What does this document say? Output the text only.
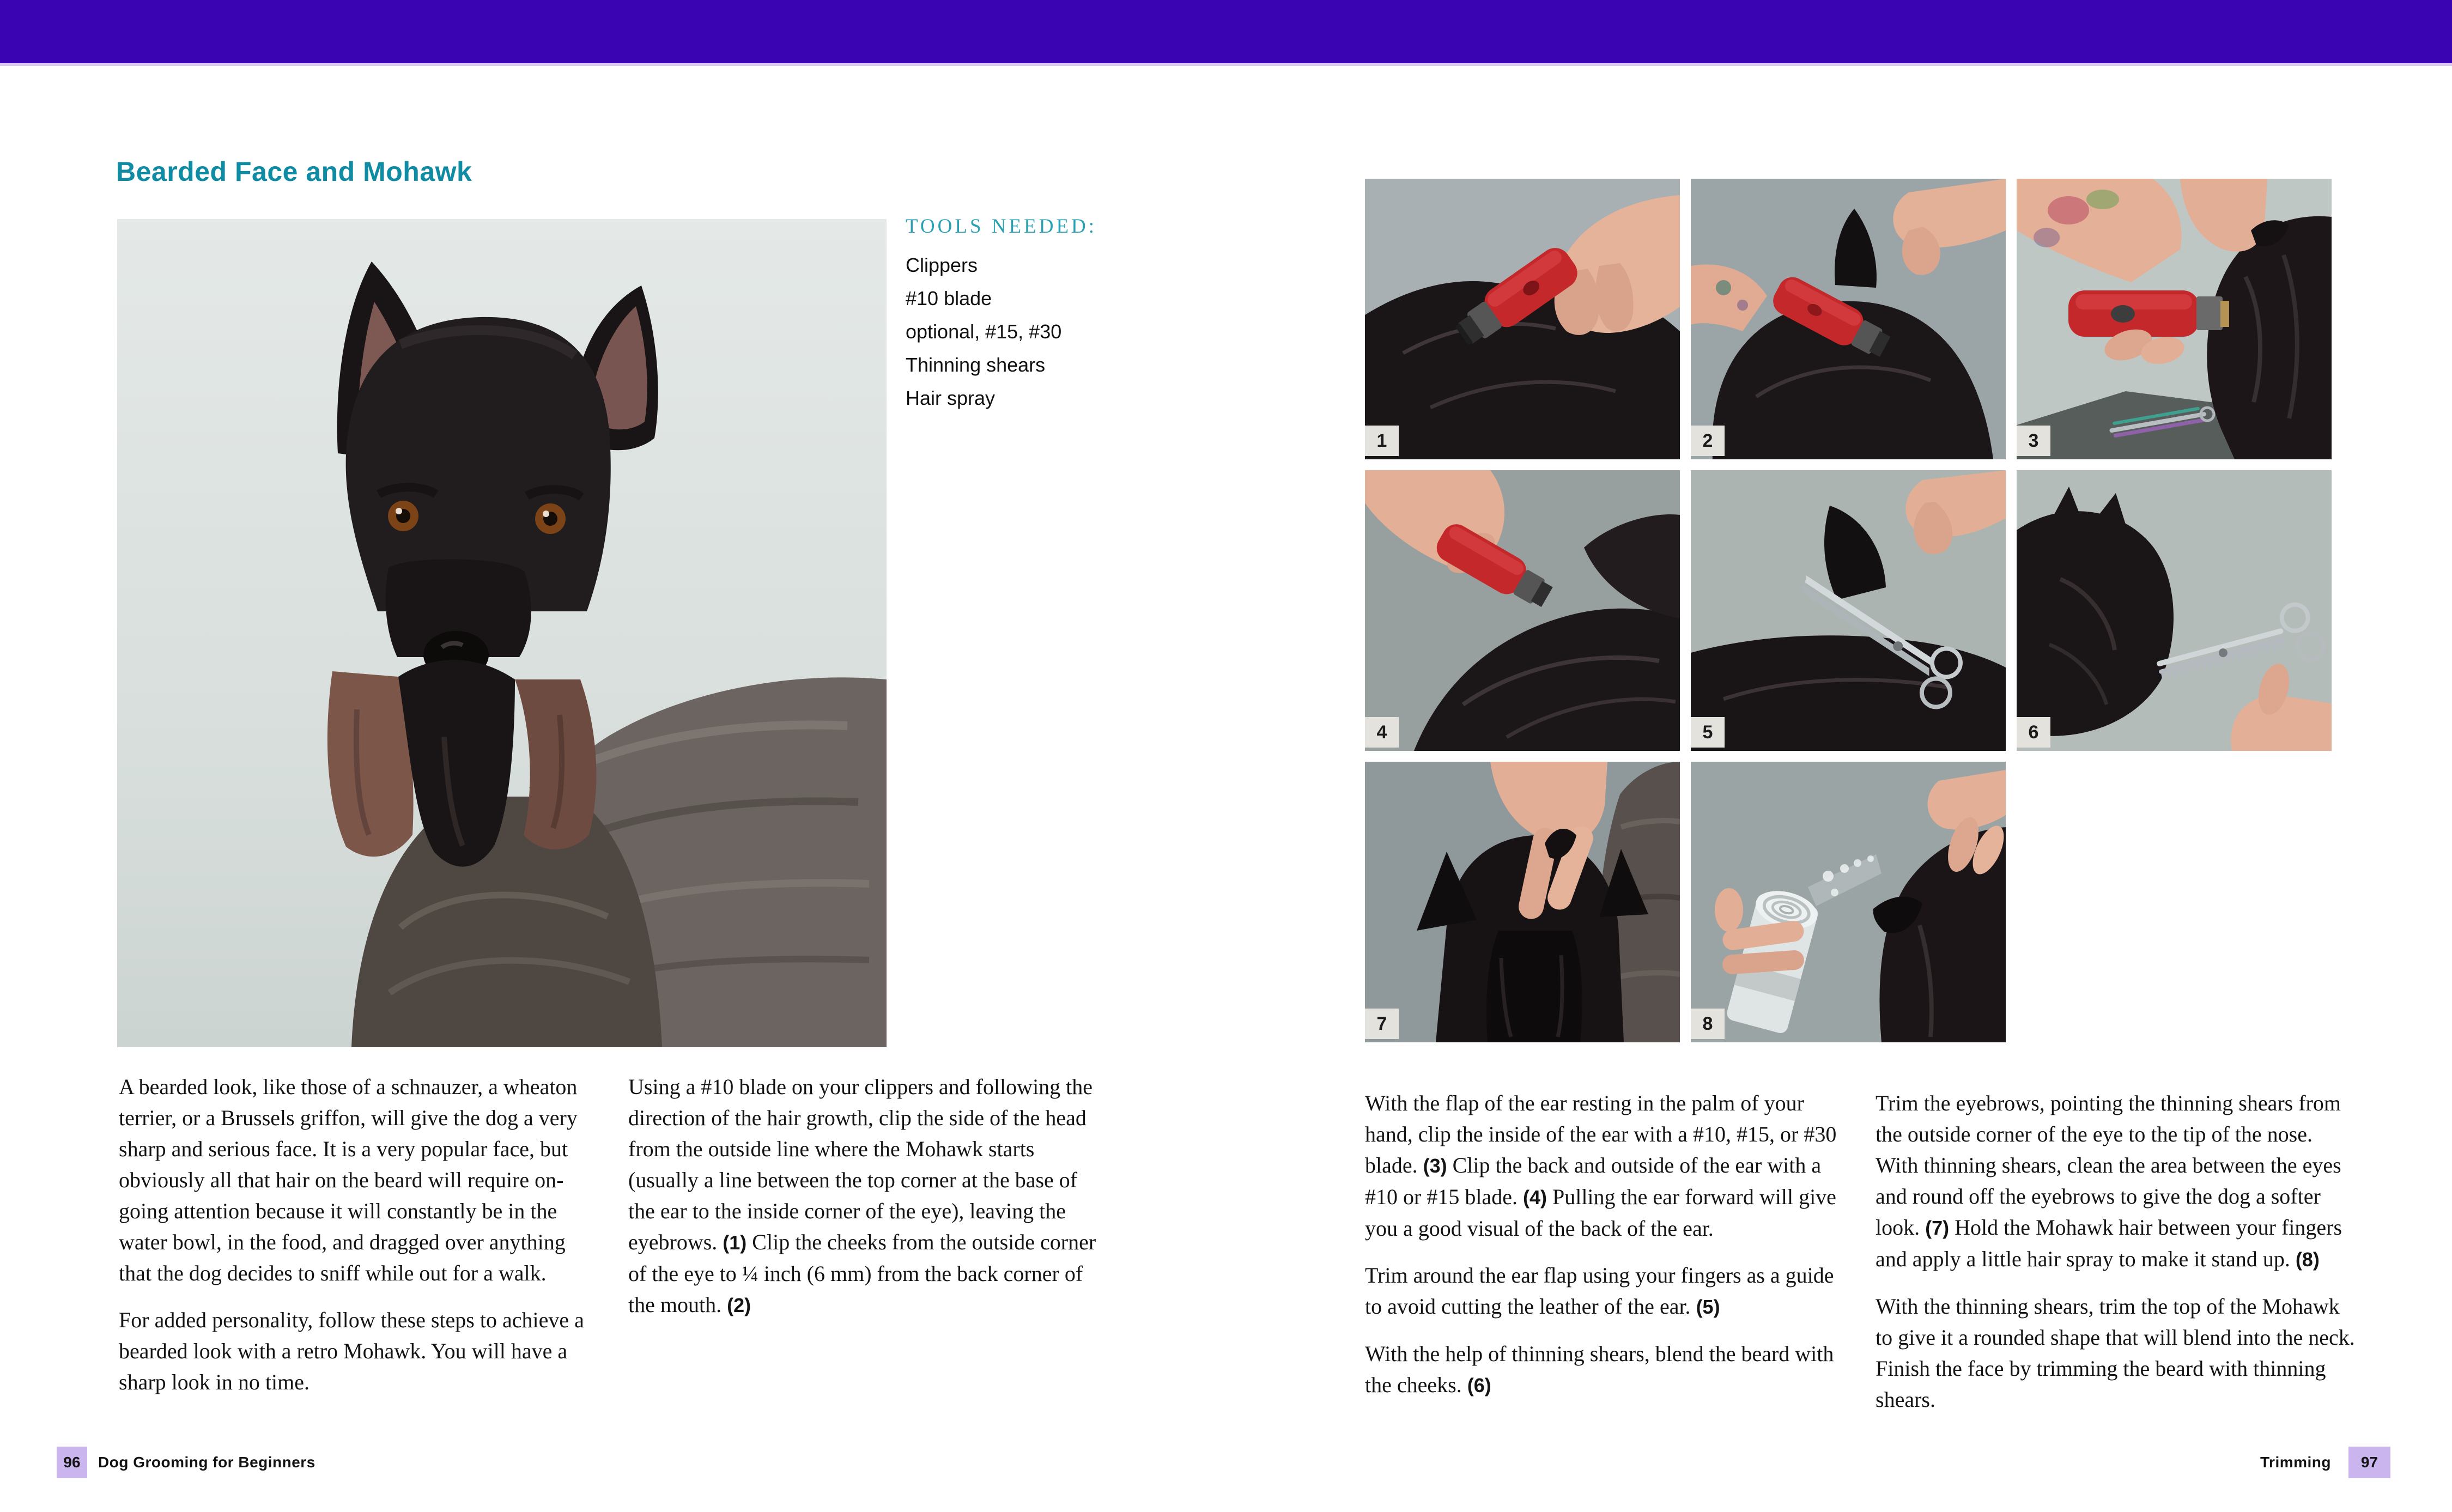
Bearded Face and Mohawk
TOOLS NEEDED:
Clippers
#10 blade
optional, #15, #30
Thinning shears
Hair spray

A bearded look, like those of a schnauzer, a wheaton terrier, or a Brussels griffon, will give the dog a very sharp and serious face. It is a very popular face, but obviously all that hair on the beard will require on-going attention because it will constantly be in the water bowl, in the food, and dragged over anything that the dog decides to sniff while out for a walk.

For added personality, follow these steps to achieve a bearded look with a retro Mohawk. You will have a sharp look in no time.

Using a #10 blade on your clippers and following the direction of the hair growth, clip the side of the head from the outside line where the Mohawk starts (usually a line between the top corner at the base of the ear to the inside corner of the eye), leaving the eyebrows. (1) Clip the cheeks from the outside corner of the eye to ¼ inch (6 mm) from the back corner of the mouth. (2)

1	2	3
4	5	6
7	8

With the flap of the ear resting in the palm of your hand, clip the inside of the ear with a #10, #15, or #30 blade. (3) Clip the back and outside of the ear with a #10 or #15 blade. (4) Pulling the ear forward will give you a good visual of the back of the ear.

Trim around the ear flap using your fingers as a guide to avoid cutting the leather of the ear. (5)

With the help of thinning shears, blend the beard with the cheeks. (6)

Trim the eyebrows, pointing the thinning shears from the outside corner of the eye to the tip of the nose. With thinning shears, clean the area between the eyes and round off the eyebrows to give the dog a softer look. (7) Hold the Mohawk hair between your fingers and apply a little hair spray to make it stand up. (8)

With the thinning shears, trim the top of the Mohawk to give it a rounded shape that will blend into the neck. Finish the face by trimming the beard with thinning shears.

96	Dog Grooming for Beginners	Trimming	97
